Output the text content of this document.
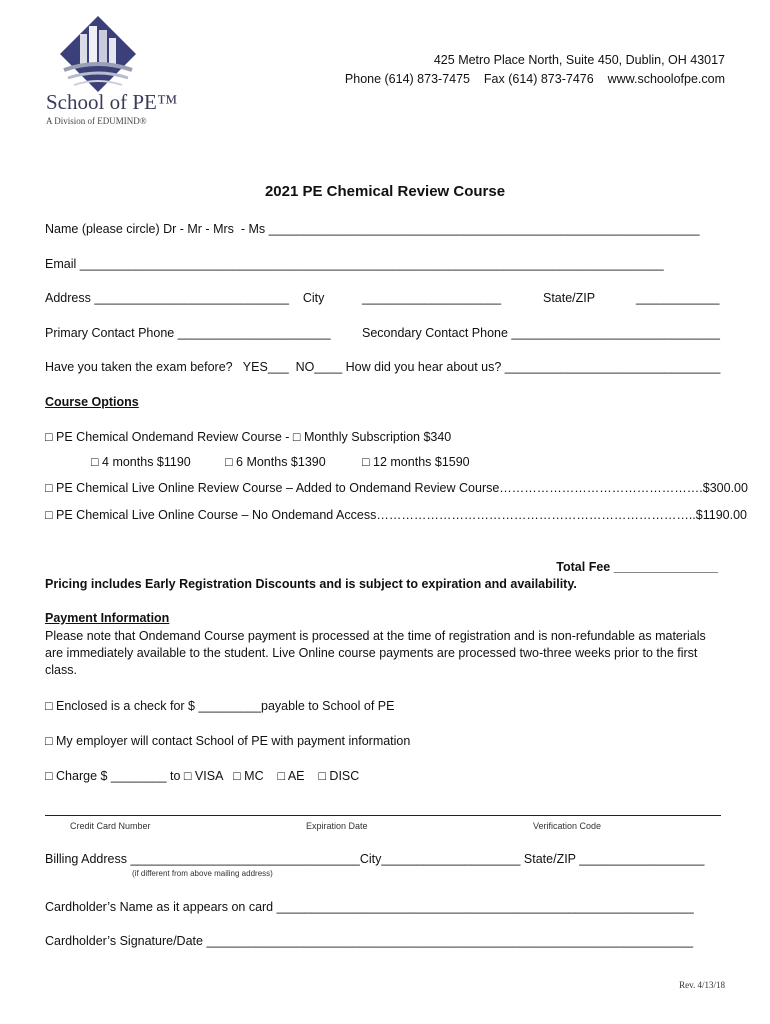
School of PE™
A Division of EDUMIND®
425 Metro Place North, Suite 450, Dublin, OH 43017
Phone (614) 873-7475    Fax (614) 873-7476    www.schoolofpe.com
2021 PE Chemical Review Course
Name (please circle) Dr - Mr - Mrs  - Ms ______________________________________________________________
Email ____________________________________________________________________________________
Address ____________________________    City	____________________	State/ZIP	____________
Primary Contact Phone ______________________	Secondary Contact Phone ______________________________
Have you taken the exam before?   YES___  NO____ How did you hear about us? _______________________________
Course Options
□ PE Chemical Ondemand Review Course - □ Monthly Subscription $340
□ 4 months $1190	□ 6 Months $1390	□ 12 months $1590
□ PE Chemical Live Online Review Course – Added to Ondemand Review Course………………………………………….$300.00
□ PE Chemical Live Online Course – No Ondemand Access…………………………………………………………………..$1190.00
Total Fee _______________
Pricing includes Early Registration Discounts and is subject to expiration and availability.
Payment Information
Please note that Ondemand Course payment is processed at the time of registration and is non-refundable as materials are immediately available to the student. Live Online course payments are processed two-three weeks prior to the first class.
□ Enclosed is a check for $ _________payable to School of PE
□ My employer will contact School of PE with payment information
□ Charge $ ________ to □ VISA   □ MC    □ AE    □ DISC
Credit Card Number	Expiration Date	Verification Code
Billing Address _________________________________City____________________ State/ZIP __________________
(if different from above mailing address)
Cardholder’s Name as it appears on card ____________________________________________________________
Cardholder’s Signature/Date ______________________________________________________________________
Rev. 4/13/18
